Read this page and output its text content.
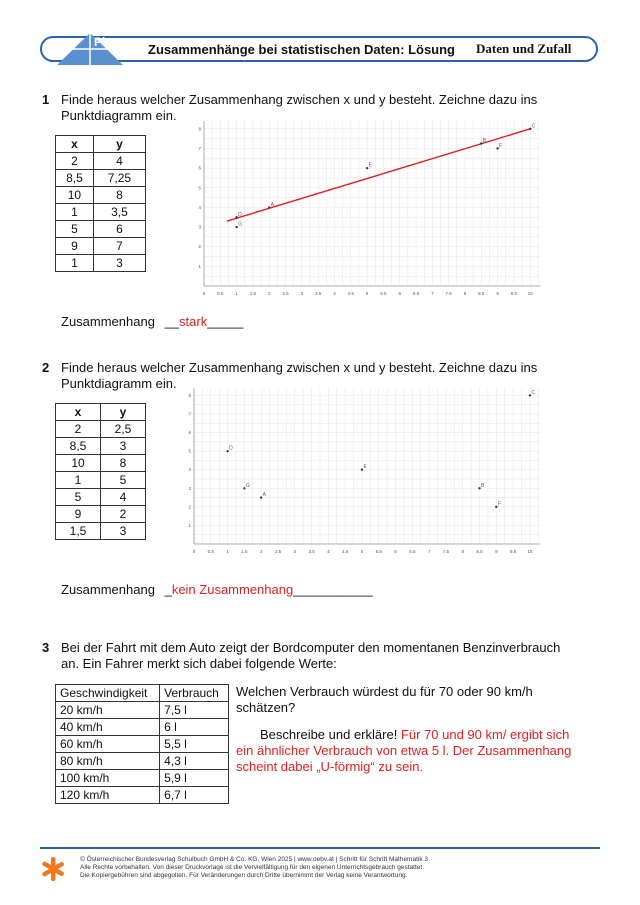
Plus Zusammenhänge bei statistischen Daten: Lösung Daten und Zufall
1 Finde heraus welcher Zusammenhang zwischen x und y besteht. Zeichne dazu ins Punktdiagramm ein.
x	y
2	4
8,5	7,25
10	8
1	3,5
5	6
9	7
1	3
0	0.5	1	1.5	2	2.5	3	3.5	4	4.5	5	5.5	6	6.5	7	7.5	8	8.5	9	9.5 10
1
2
3
4
5
6
7
8
A
B
C
D
E
F
G
Zusammenhang __stark_____
2 Finde heraus welcher Zusammenhang zwischen x und y besteht. Zeichne dazu ins Punktdiagramm ein.
x	y
2	2,5
8,5	3
10	8
1	5
5	4
9	2
1,5	3
0	0.5	1	1.5	2	2.5	3	3.5	4	4.5	5	5.5	6	6.5	7	7.5	8	8.5	9	9.5 10
1
2
3
4
5
6
7
8
A
B
C
D
E
F
G
Zusammenhang _kein Zusammenhang___________
3 Bei der Fahrt mit dem Auto zeigt der Bordcomputer den momentanen Benzinverbrauch an. Ein Fahrer merkt sich dabei folgende Werte:
Geschwindigkeit	Verbrauch
20 km/h	7,5 l
40 km/h	6 l
60 km/h	5,5 l
80 km/h	4,3 l
100 km/h	5,9 l
120 km/h	6,7 l
Welchen Verbrauch würdest du für 70 oder 90 km/h schätzen?
Beschreibe und erkläre! Für 70 und 90 km/ ergibt sich ein ähnlicher Verbrauch von etwa 5 l. Der Zusammenhang scheint dabei „U-förmig“ zu sein.
© Österreichischer Bundesverlag Schulbuch GmbH & Co. KG, Wien 2025 | www.oebv.at | Schritt für Schritt Mathematik 3
Alle Rechte vorbehalten. Von dieser Druckvorlage ist die Vervielfältigung für den eigenen Unterrichtsgebrauch gestattet.
Die Kopiergebühren sind abgegolten. Für Veränderungen durch Dritte übernimmt der Verlag keine Verantwortung.
